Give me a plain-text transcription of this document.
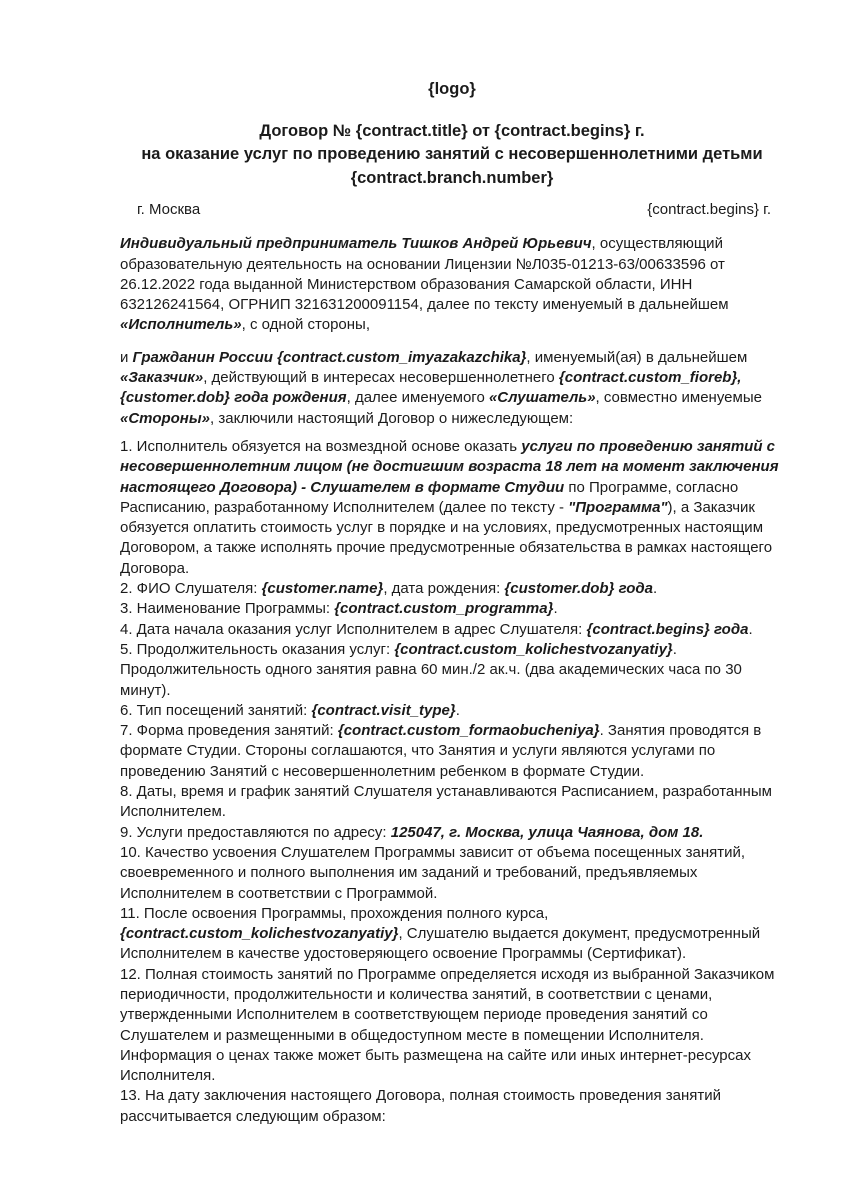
{logo}

Договор № {contract.title} от {contract.begins} г.

на оказание услуг по проведению занятий с несовершеннолетними детьми

{contract.branch.number}

г. Москва	{contract.begins} г.

Индивидуальный предприниматель Тишков Андрей Юрьевич, осуществляющий образовательную деятельность на основании Лицензии №Л035-01213-63/00633596 от 26.12.2022 года выданной Министерством образования Самарской области, ИНН 632126241564, ОГРНИП 321631200091154, далее по тексту именуемый в дальнейшем «Исполнитель», с одной стороны,

и Гражданин России {contract.custom_imyazakazchika}, именуемый(ая) в дальнейшем «Заказчик», действующий в интересах несовершеннолетнего {contract.custom_fioreb}, {customer.dob} года рождения, далее именуемого «Слушатель», совместно именуемые «Стороны», заключили настоящий Договор о нижеследующем:

1. Исполнитель обязуется на возмездной основе оказать услуги по проведению занятий с несовершеннолетним лицом (не достигшим возраста 18 лет на момент заключения настоящего Договора) - Слушателем в формате Студии по Программе, согласно Расписанию, разработанному Исполнителем (далее по тексту - "Программа"), а Заказчик обязуется оплатить стоимость услуг в порядке и на условиях, предусмотренных настоящим Договором, а также исполнять прочие предусмотренные обязательства в рамках настоящего Договора.

2. ФИО Слушателя: {customer.name}, дата рождения: {customer.dob} года.

3. Наименование Программы: {contract.custom_programma}.

4. Дата начала оказания услуг Исполнителем в адрес Слушателя: {contract.begins} года.

5. Продолжительность оказания услуг: {contract.custom_kolichestvozanyatiy}. Продолжительность одного занятия равна 60 мин./2 ак.ч. (два академических часа по 30 минут).

6. Тип посещений занятий: {contract.visit_type}.

7. Форма проведения занятий: {contract.custom_formaobucheniya}. Занятия проводятся в формате Студии. Стороны соглашаются, что Занятия и услуги являются услугами по проведению Занятий с несовершеннолетним ребенком в формате Студии.

8. Даты, время и график занятий Слушателя устанавливаются Расписанием, разработанным Исполнителем.

9. Услуги предоставляются по адресу: 125047, г. Москва, улица Чаянова, дом 18.

10. Качество усвоения Слушателем Программы зависит от объема посещенных занятий, своевременного и полного выполнения им заданий и требований, предъявляемых Исполнителем в соответствии с Программой.

11. После освоения Программы, прохождения полного курса, {contract.custom_kolichestvozanyatiy}, Слушателю выдается документ, предусмотренный Исполнителем в качестве удостоверяющего освоение Программы (Сертификат).

12. Полная стоимость занятий по Программе определяется исходя из выбранной Заказчиком периодичности, продолжительности и количества занятий, в соответствии с ценами, утвержденными Исполнителем в соответствующем периоде проведения занятий со Слушателем и размещенными в общедоступном месте в помещении Исполнителя. Информация о ценах также может быть размещена на сайте или иных интернет-ресурсах Исполнителя.

13. На дату заключения настоящего Договора, полная стоимость проведения занятий рассчитывается следующим образом:
